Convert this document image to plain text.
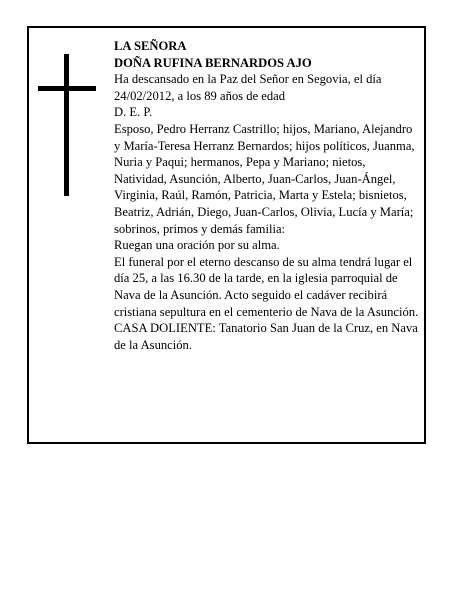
LA SEÑORA

DOÑA RUFINA BERNARDOS AJO

Ha descansado en la Paz del Señor en Segovia, el día 24/02/2012, a los 89 años de edad

D. E. P.

Esposo, Pedro Herranz Castrillo; hijos, Mariano, Alejandro y María-Teresa Herranz Bernardos; hijos políticos, Juanma, Nuria y Paqui; hermanos, Pepa y Mariano; nietos, Natividad, Asunción, Alberto, Juan-Carlos, Juan-Ángel, Virginia, Raúl, Ramón, Patricia, Marta y Estela; bisnietos, Beatriz, Adrián, Diego, Juan-Carlos, Olivia, Lucía y María; sobrinos, primos y demás familia:

Ruegan una oración por su alma.

El funeral por el eterno descanso de su alma tendrá lugar el día 25, a las 16.30 de la tarde, en la iglesia parroquial de Nava de la Asunción. Acto seguido el cadáver recibirá cristiana sepultura en el cementerio de Nava de la Asunción.

CASA DOLIENTE: Tanatorio San Juan de la Cruz, en Nava de la Asunción.
